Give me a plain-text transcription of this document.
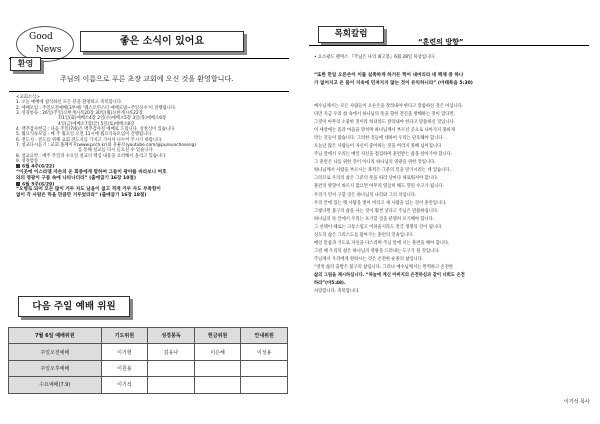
Good
News
좋은 소식이 있어요
환영
주님의 이름으로 푸른 초장 교회에 오신 것을 환영합니다.
<교회소식>
1. 오늘 예배에 참석하신 모든 분을 환영하고 축복합니다.
2. 예배모임 : 주일오전예배(3부예) ‘웨스트민스터 예배모범~주일성수’이 진행됩니다.
3. 성경통독 : 26일(주일)요한계시록20장 30일(월)요한계시록22장
7/1일(화)에베소4장 2일(수)에베소5장 3일(목)에베소6장
4일(금)에베소7장(끝) 5일(토)에베소8장
4. 맥추감사헌금 : 다음 주일(7/6)은 맥추감사절 예배로 드립니다. 성찬식이 있습니다.
5. 월요식독모임 : 매 주 월요일 오전 11시에 월요식독모임이 진행됩니다.
6. 전도지 : 전도를 위해 교회 전도지를 가지고 가셔서 나누어 주시기 바랍니다.
7. 설교다시듣기 : 교회 홈페이지(www.pcch.kr)와 유튜브(youtube.com/@pureunchoseng)
를 통해 설교를 다시 들으실 수 있습니다.
8. 설교요약 : 매주 주일과 수요일 설교의 핵심 내용을 요약해서 올리고 있습니다.
9. 성경암송 :
6월 4주(6/22)
“이곳에 이스라엘 자손의 온 회중에게 말하여 그들이 광야를 바라보니 여호
와의 영광이 구름 속에 나타나더라” (출애굽기 16장 10절)
6월 5주(6/29)
“오병로 되어 모든 많이 거두 자도 남음이 없고 적게 거두 자도 부족함이
없이 각 사람은 먹을 만큼만 거두었더라” (출애굽기 16장 18절)
다음 주일 예배 위원
7월 6일 예배위원	기도위원	성경봉독	헌금위원	안내위원
주일오전예배	이기현	김유나	이은혜	이성용
주일오후예배	이원용			
수요예배(7.9)	이기석			
목회칼럼
“훈련의 방향”
• 요소광드 펜버스 『주님은 나의 최고봉』6월 28일 묵상입니다.
“또한 만일 오른손이 이를 실족하게 하거든 찍어 내버리라 네 백체 중 하나
가 없어지고 온 몸이 지옥에 던져지지 않는 것이 유익하니라” (마태복음 5:30)
예수님께서는 모든 사람들이 오른손을 잘라내야 한다고 말씀하신 것은 아닙니다.
다만 지금 우리 삶 속에서 하나님의 뜻을 향한 전진을 방해하는 것이 있다면,
그것이 아무리 소중한 것이라 하더라도 잘라내야 한다고 말씀하신 것입니다.
이 세상에는 몸과 마음을 망치며 하나님께서 부르신 곳으로 나아가지 못하게
막는 것들이 많습니다. 그러한 것들에 대하여 우리는 단호해야 합니다.
오늘날 많은 사람들이 자신이 좋아하는 것을 버리지 못해 넘어집니다.
주님 앞에서 우리는 매일 자신을 점검하며 훈련받는 삶을 살아가야 합니다.
그 훈련은 나를 위한 것이 아니라 하나님의 영광을 위한 것입니다.
하나님께서 사람을 부르시는 목적은 그분의 일을 맡기시려는 데 있습니다.
그러므로 우리의 삶은 그분의 뜻을 따라 날마다 새로워져야 합니다.
훈련의 방향이 바르지 않으면 아무리 열심히 해도 헛된 수고가 됩니다.
우리가 먼저 구할 것은 하나님의 나라와 그의 의입니다.
우리 안에 있는 옛 사람을 벗어 버리고 새 사람을 입는 것이 훈련입니다.
그렇다면 불구의 삶을 사는 것이 훨씬 낫다고 주님은 말씀하십니다.
하나님의 뜻 안에서 우리는 포기할 것을 분명히 포기해야 합니다.
그 선택이 때로는 고통스럽고 어려울지라도 결국 생명의 길이 됩니다.
성도의 삶은 그리스도를 닮아가는 훈련의 연속입니다.
매일 말씀과 기도로 자신을 다스리며 주님 앞에 서는 훈련을 해야 합니다.
그럴 때 우리의 삶은 하나님의 영광을 드러내는 도구가 될 것입니다.
주님께서 우리에게 원하시는 것은 온전한 순종의 삶입니다.
“영적 삶의 출발은 불구의 삶입니다. 그러나 예수님께서는 완벽하고 온전한
삶의 그림을 제시하십니다. “하늘에 계신 아버지의 온전하심과 같이 너희도 온전
하라”(마5:48).
사랑합니다. 축복합니다.
이기석 목사
